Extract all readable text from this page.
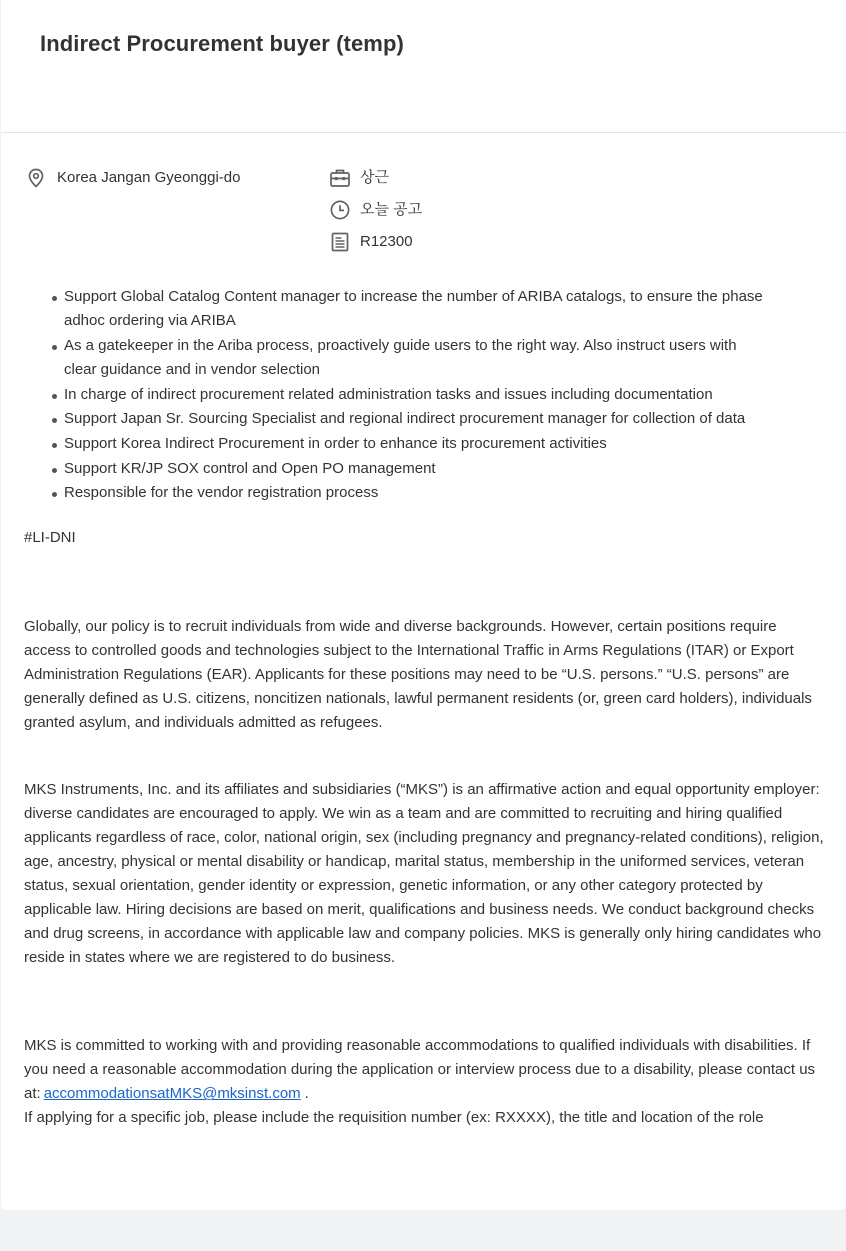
Indirect Procurement buyer (temp)
Korea Jangan Gyeonggi-do	상근
오늘 공고
R12300
Support Global Catalog Content manager to increase the number of ARIBA catalogs, to ensure the phase adhoc ordering via ARIBA
As a gatekeeper in the Ariba process, proactively guide users to the right way. Also instruct users with clear guidance and in vendor selection
In charge of indirect procurement related administration tasks and issues including documentation
Support Japan Sr. Sourcing Specialist and regional indirect procurement manager for collection of data
Support Korea Indirect Procurement in order to enhance its procurement activities
Support KR/JP SOX control and Open PO management
Responsible for the vendor registration process

#LI-DNI

Globally, our policy is to recruit individuals from wide and diverse backgrounds. However, certain positions require access to controlled goods and technologies subject to the International Traffic in Arms Regulations (ITAR) or Export Administration Regulations (EAR). Applicants for these positions may need to be “U.S. persons.” “U.S. persons” are generally defined as U.S. citizens, noncitizen nationals, lawful permanent residents (or, green card holders), individuals granted asylum, and individuals admitted as refugees.

MKS Instruments, Inc. and its affiliates and subsidiaries (“MKS”) is an affirmative action and equal opportunity employer: diverse candidates are encouraged to apply. We win as a team and are committed to recruiting and hiring qualified applicants regardless of race, color, national origin, sex (including pregnancy and pregnancy-related conditions), religion, age, ancestry, physical or mental disability or handicap, marital status, membership in the uniformed services, veteran status, sexual orientation, gender identity or expression, genetic information, or any other category protected by applicable law. Hiring decisions are based on merit, qualifications and business needs. We conduct background checks and drug screens, in accordance with applicable law and company policies. MKS is generally only hiring candidates who reside in states where we are registered to do business.

MKS is committed to working with and providing reasonable accommodations to qualified individuals with disabilities. If you need a reasonable accommodation during the application or interview process due to a disability, please contact us at: accommodationsatMKS@mksinst.com .

If applying for a specific job, please include the requisition number (ex: RXXXX), the title and location of the role
